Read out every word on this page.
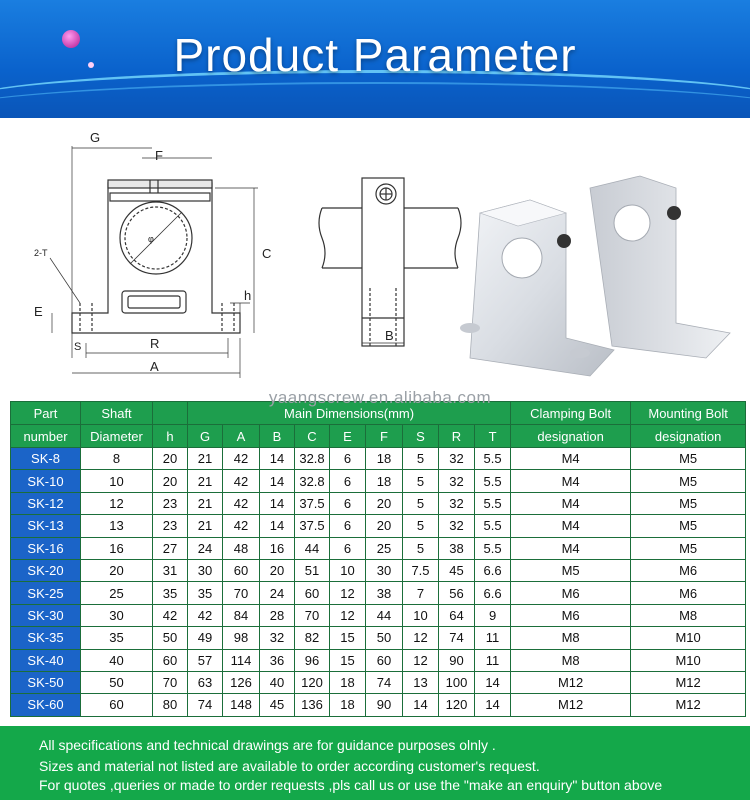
Product Parameter
G
F
C
h
E
S	R
A
φ
2-T
B
yaangscrew.en.alibaba.com
Part	Shaft		Main Dimensions(mm)									Clamping Bolt	Mounting Bolt
number	Diameter	h	G	A	B	C	E	F	S	R	T	designation	designation
SK-8	8	20	21	42	14	32.8	6	18	5	32	5.5	M4	M5
SK-10	10	20	21	42	14	32.8	6	18	5	32	5.5	M4	M5
SK-12	12	23	21	42	14	37.5	6	20	5	32	5.5	M4	M5
SK-13	13	23	21	42	14	37.5	6	20	5	32	5.5	M4	M5
SK-16	16	27	24	48	16	44	6	25	5	38	5.5	M4	M5
SK-20	20	31	30	60	20	51	10	30	7.5	45	6.6	M5	M6
SK-25	25	35	35	70	24	60	12	38	7	56	6.6	M6	M6
SK-30	30	42	42	84	28	70	12	44	10	64	9	M6	M8
SK-35	35	50	49	98	32	82	15	50	12	74	11	M8	M10
SK-40	40	60	57	114	36	96	15	60	12	90	11	M8	M10
SK-50	50	70	63	126	40	120	18	74	13	100	14	M12	M12
SK-60	60	80	74	148	45	136	18	90	14	120	14	M12	M12
All specifications and technical drawings are for guidance purposes olnly .
Sizes and material not listed are available to order according customer's request.
For quotes ,queries or made to order requests ,pls call us or use the "make an enquiry" button above
